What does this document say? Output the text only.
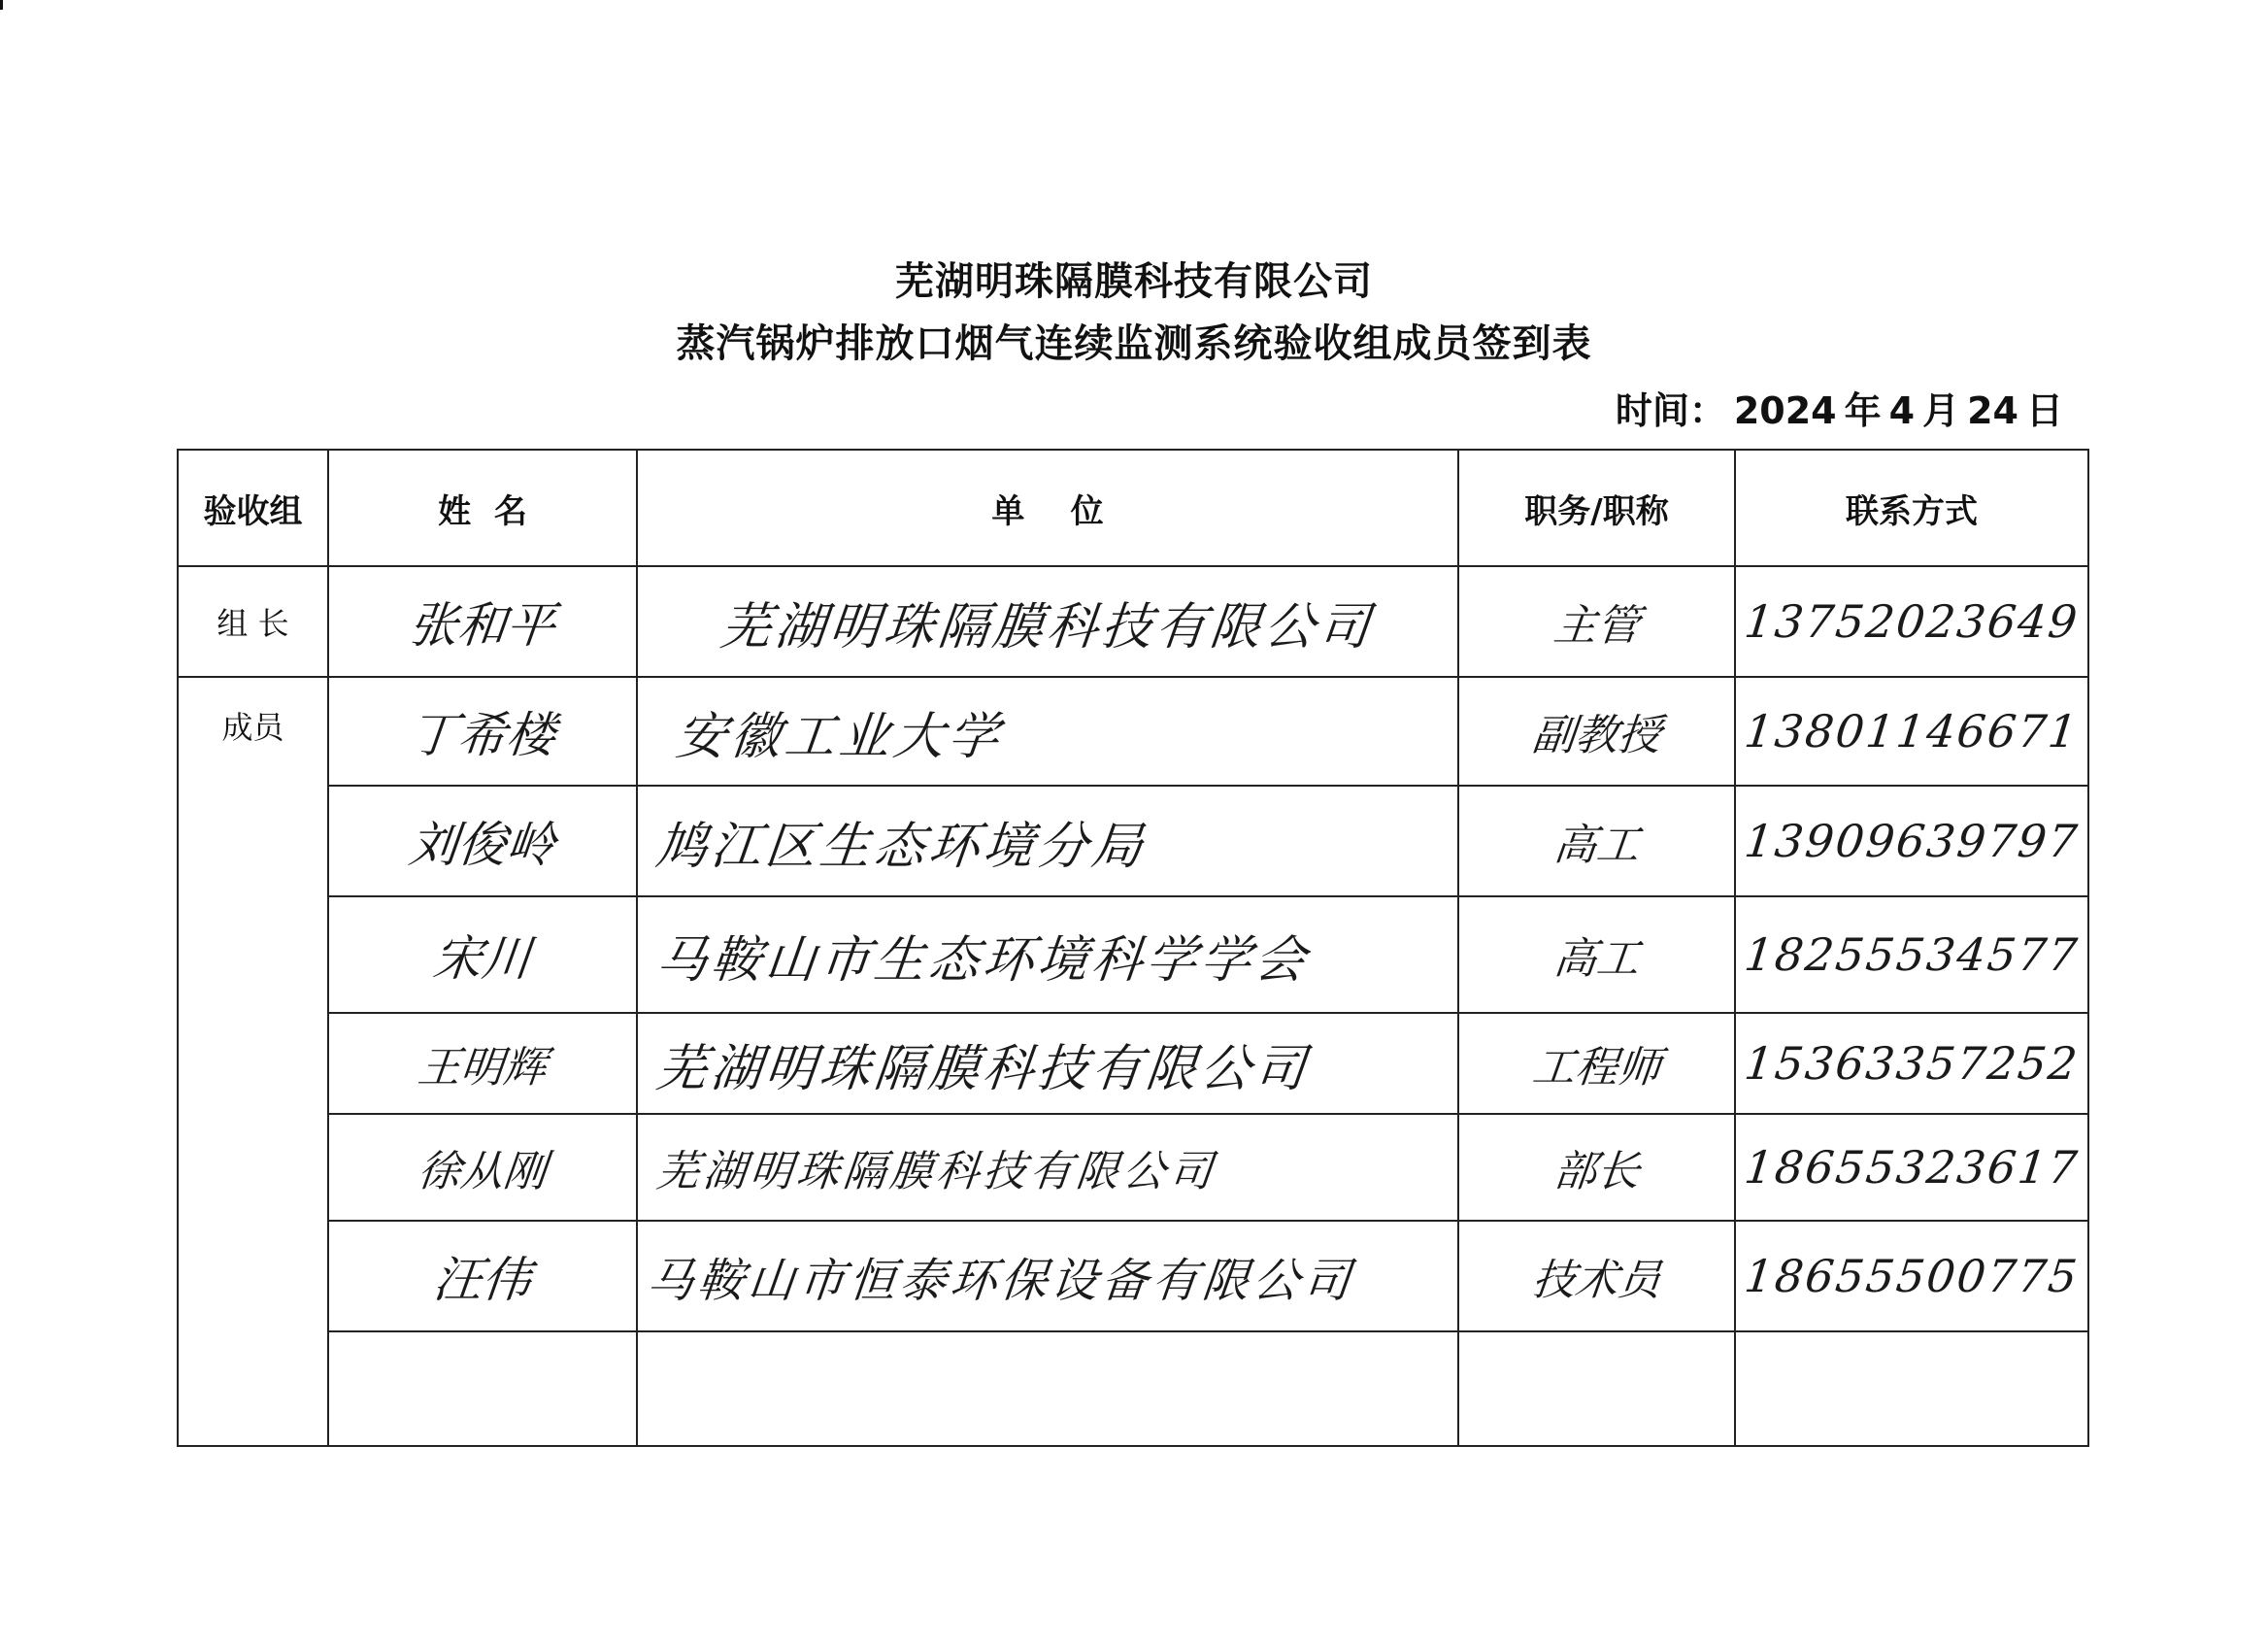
芜湖明珠隔膜科技有限公司
蒸汽锅炉排放口烟气连续监测系统验收组成员签到表
时间： 2024 年 4 月 24 日
验收组	姓  名	单    位	职务/职称	联系方式
组 长	张和平	芜湖明珠隔膜科技有限公司	主管	13752023649

成员	丁希楼	安徽工业大学	副教授	13801146671
	刘俊岭	鸠江区生态环境分局	高工	13909639797
	宋川	马鞍山市生态环境科学学会	高工	18255534577
	王明辉	芜湖明珠隔膜科技有限公司	工程师	15363357252
	徐从刚	芜湖明珠隔膜科技有限公司	部长	18655323617
	汪伟	马鞍山市恒泰环保设备有限公司	技术员	18655500775
